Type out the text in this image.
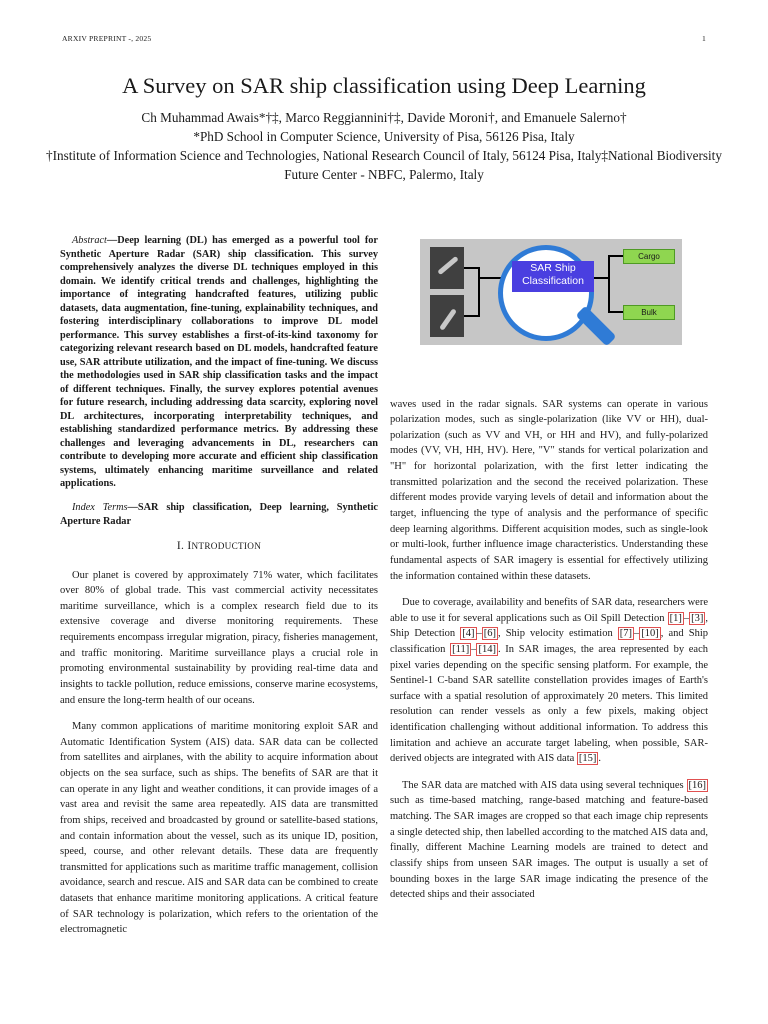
ARXIV PREPRINT -, 2025	1
A Survey on SAR ship classification using Deep Learning
Ch Muhammad Awais*†‡, Marco Reggiannini†‡, Davide Moroni†, and Emanuele Salerno†
*PhD School in Computer Science, University of Pisa, 56126 Pisa, Italy
†Institute of Information Science and Technologies, National Research Council of Italy, 56124 Pisa, Italy‡National Biodiversity Future Center - NBFC, Palermo, Italy

Abstract—Deep learning (DL) has emerged as a powerful tool for Synthetic Aperture Radar (SAR) ship classification. This survey comprehensively analyzes the diverse DL techniques employed in this domain. We identify critical trends and challenges, highlighting the importance of integrating handcrafted features, utilizing public datasets, data augmentation, fine-tuning, explainability techniques, and fostering interdisciplinary collaborations to improve DL model performance. This survey establishes a first-of-its-kind taxonomy for categorizing relevant research based on DL models, handcrafted feature use, SAR attribute utilization, and the impact of fine-tuning. We discuss the methodologies used in SAR ship classification tasks and the impact of different techniques. Finally, the survey explores potential avenues for future research, including addressing data scarcity, exploring novel DL architectures, incorporating interpretability techniques, and establishing standardized performance metrics. By addressing these challenges and leveraging advancements in DL, researchers can contribute to developing more accurate and efficient ship classification systems, ultimately enhancing maritime surveillance and related applications.

Index Terms—SAR ship classification, Deep learning, Synthetic Aperture Radar

I. INTRODUCTION

Our planet is covered by approximately 71% water, which facilitates over 80% of global trade. This vast commercial activity necessitates maritime surveillance, which is a complex research field due to its extensive coverage and diverse monitoring requirements. These requirements encompass irregular migration, piracy, fisheries management, and traffic monitoring. Maritime surveillance plays a crucial role in promoting environmental sustainability by providing real-time data and insights to tackle pollution, reduce emissions, conserve marine ecosystems, and ensure the long-term health of our oceans.

Many common applications of maritime monitoring exploit SAR and Automatic Identification System (AIS) data. SAR data can be collected from satellites and airplanes, with the ability to acquire information about objects on the sea surface, such as ships. The benefits of SAR are that it can operate in any light and weather conditions, it can provide images of a vast area and revisit the same area repeatedly. AIS data are transmitted from ships, received and broadcasted by ground or satellite-based stations, and contain information about the vessel, such as its unique ID, position, speed, course, and other relevant details. These data are frequently transmitted for applications such as maritime traffic management, collision avoidance, search and rescue. AIS and SAR data can be combined to create datasets that enhance maritime monitoring applications. A critical feature of SAR technology is polarization, which refers to the orientation of the electromagnetic

SAR Ship
Classification
Cargo
Bulk

waves used in the radar signals. SAR systems can operate in various polarization modes, such as single-polarization (like VV or HH), dual-polarization (such as VV and VH, or HH and HV), and fully-polarized modes (VV, VH, HH, HV). Here, "V" stands for vertical polarization and "H" for horizontal polarization, with the first letter indicating the transmitted polarization and the second the received polarization. These different modes provide varying levels of detail and information about the target, influencing the type of analysis and the performance of specific deep learning algorithms. Different acquisition modes, such as single-look or multi-look, further influence image characteristics. Understanding these fundamental aspects of SAR imagery is essential for effectively utilizing the information contained within these datasets.

Due to coverage, availability and benefits of SAR data, researchers were able to use it for several applications such as Oil Spill Detection [1] – [3] , Ship Detection [4] – [6] , Ship velocity estimation [7] – [10] , and Ship classification [11] – [14] . In SAR images, the area represented by each pixel varies depending on the specific sensing platform. For example, the Sentinel-1 C-band SAR satellite constellation provides images of Earth's surface with a spatial resolution of approximately 20 meters. This limited resolution can render vessels as only a few pixels, making object identification challenging without additional information. To address this limitation and achieve an accurate target labeling, when possible, SAR-derived objects are integrated with AIS data [15] .

The SAR data are matched with AIS data using several techniques [16] such as time-based matching, range-based matching and feature-based matching. The SAR images are cropped so that each image chip represents a single detected ship, then labelled according to the matched AIS data and, finally, different Machine Learning models are trained to detect and classify ships from unseen SAR images. The output is usually a set of bounding boxes in the large SAR image indicating the presence of the detected ships and their associated
